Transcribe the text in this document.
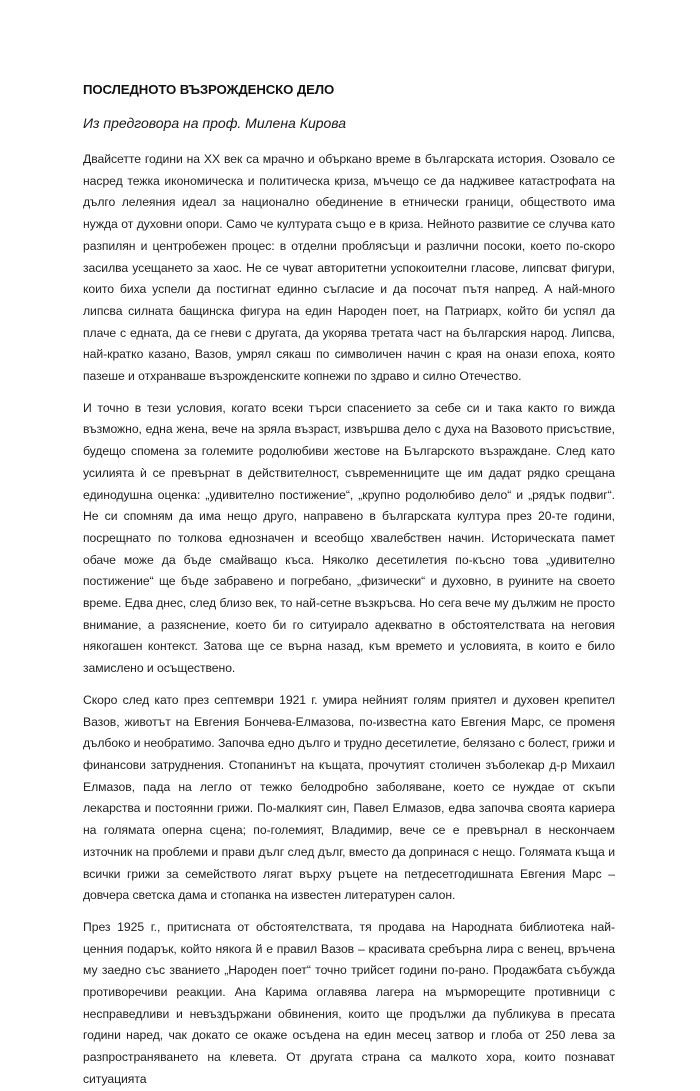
ПОСЛЕДНОТО ВЪЗРОЖДЕНСКО ДЕЛО
Из предговора на проф. Милена Кирова

Двайсетте години на ХХ век са мрачно и объркано време в българската история. Озовало се насред тежка икономическа и политическа криза, мъчещо се да надживее катастрофата на дълго лелеяния идеал за национално обединение в етнически граници, обществото има нужда от духовни опори. Само че културата също е в криза. Нейното развитие се случва като разпилян и центробежен процес: в отделни проблясъци и различни посоки, което по-скоро засилва усещането за хаос. Не се чуват авторитетни успокоителни гласове, липсват фигури, които биха успели да постигнат единно съгласие и да посочат пътя напред. А най-много липсва силната бащинска фигура на един Народен поет, на Патриарх, който би успял да плаче с едната, да се гневи с другата, да укорява третата част на българския народ. Липсва, най-кратко казано, Вазов, умрял сякаш по символичен начин с края на онази епоха, която пазеше и отхранваше възрожденските копнежи по здраво и силно Отечество.

И точно в тези условия, когато всеки търси спасението за себе си и така както го вижда възможно, една жена, вече на зряла възраст, извършва дело с духа на Вазовото присъствие, будещо спомена за големите родолюбиви жестове на Българското възраждане. След като усилията ѝ се превърнат в действителност, съвременниците ще им дадат рядко срещана единодушна оценка: „удивително постижение“, „крупно родолюбиво дело“ и „рядък подвиг“. Не си спомням да има нещо друго, направено в българската култура през 20-те години, посрещнато по толкова еднозначен и всеобщо хвалебствен начин. Историческата памет обаче може да бъде смайващо къса. Няколко десетилетия по-късно това „удивително постижение“ ще бъде забравено и погребано, „физически“ и духовно, в руините на своето време. Едва днес, след близо век, то най-сетне възкръсва. Но сега вече му дължим не просто внимание, а разяснение, което би го ситуирало адекватно в обстоятелствата на неговия някогашен контекст. Затова ще се върна назад, към времето и условията, в които е било замислено и осъществено.

Скоро след като през септември 1921 г. умира нейният голям приятел и духовен крепител Вазов, животът на Евгения Бончева-Елмазова, по-известна като Евгения Марс, се променя дълбоко и необратимо. Започва едно дълго и трудно десетилетие, белязано с болест, грижи и финансови затруднения. Стопанинът на къщата, прочутият столичен зъболекар д-р Михаил Елмазов, пада на легло от тежко белодробно заболяване, което се нуждае от скъпи лекарства и постоянни грижи. По-малкият син, Павел Елмазов, едва започва своята кариера на голямата оперна сцена; по-големият, Владимир, вече се е превърнал в нескончаем източник на проблеми и прави дълг след дълг, вместо да допринася с нещо. Голямата къща и всички грижи за семейството лягат върху ръцете на петдесетгодишната Евгения Марс – довчера светска дама и стопанка на известен литературен салон.

През 1925 г., притисната от обстоятелствата, тя продава на Народната библиотека най-ценния подарък, който някога й е правил Вазов – красивата сребърна лира с венец, връчена му заедно със званието „Народен поет“ точно трийсет години по-рано. Продажбата събужда противоречиви реакции. Ана Карима оглавява лагера на мърморещите противници с несправедливи и невъздържани обвинения, които ще продължи да публикува в пресата години наред, чак докато се окаже осъдена на един месец затвор и глоба от 250 лева за разпространяването на клевета. От другата страна са малкото хора, които познават ситуацията
